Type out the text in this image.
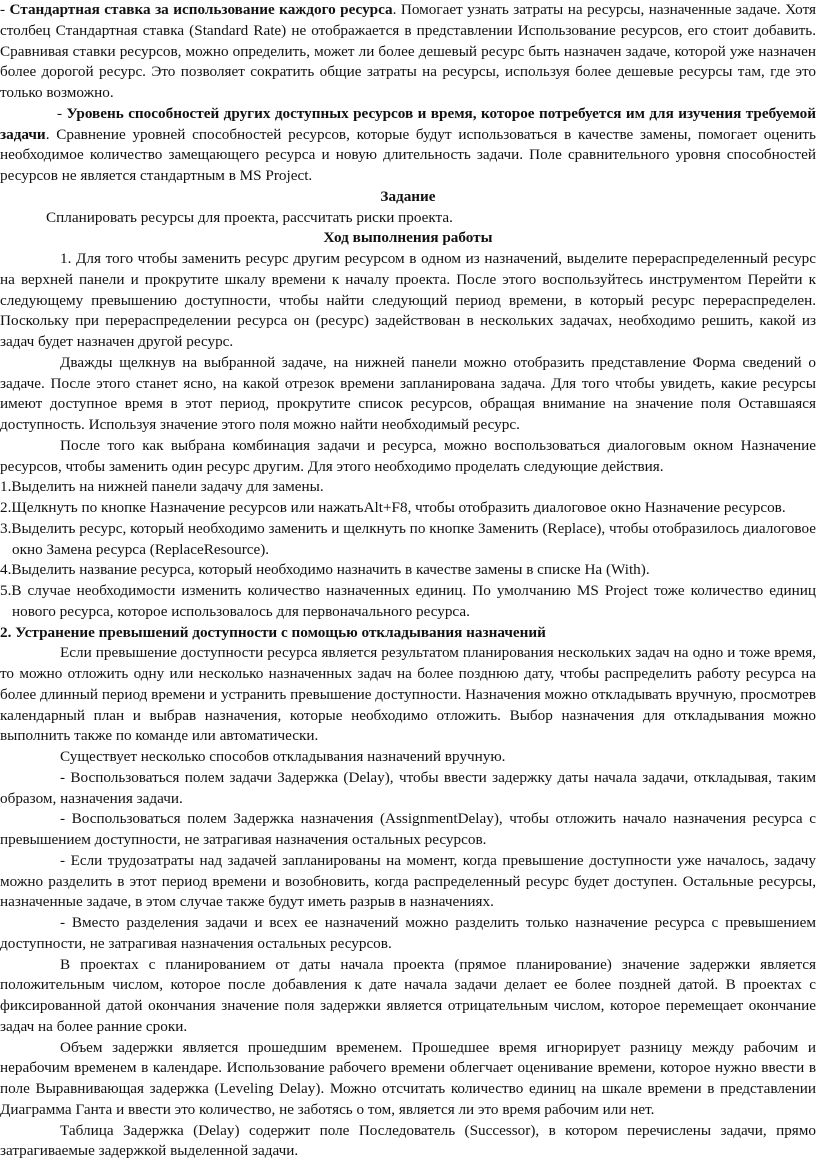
- Стандартная ставка за использование каждого ресурса. Помогает узнать затраты на ресурсы, назначенные задаче. Хотя столбец Стандартная ставка (Standard Rate) не отображается в представлении Использование ресурсов, его стоит добавить. Сравнивая ставки ресурсов, можно определить, может ли более дешевый ресурс быть назначен задаче, которой уже назначен более дорогой ресурс. Это позволяет сократить общие затраты на ресурсы, используя более дешевые ресурсы там, где это только возможно.

- Уровень способностей других доступных ресурсов и время, которое потребуется им для изучения требуемой задачи. Сравнение уровней способностей ресурсов, которые будут использоваться в качестве замены, помогает оценить необходимое количество замещающего ресурса и новую длительность задачи. Поле сравнительного уровня способностей ресурсов не является стандартным в MS Project.

Задание

Спланировать ресурсы для проекта, рассчитать риски проекта.

Ход выполнения работы

1. Для того чтобы заменить ресурс другим ресурсом в одном из назначений, выделите перераспределенный ресурс на верхней панели и прокрутите шкалу времени к началу проекта. После этого воспользуйтесь инструментом Перейти к следующему превышению доступности, чтобы найти следующий период времени, в который ресурс перераспределен. Поскольку при перераспределении ресурса он (ресурс) задействован в нескольких задачах, необходимо решить, какой из задач будет назначен другой ресурс.

Дважды щелкнув на выбранной задаче, на нижней панели можно отобразить представление Форма сведений о задаче. После этого станет ясно, на какой отрезок времени запланирована задача. Для того чтобы увидеть, какие ресурсы имеют доступное время в этот период, прокрутите список ресурсов, обращая внимание на значение поля Оставшаяся доступность. Используя значение этого поля можно найти необходимый ресурс.

После того как выбрана комбинация задачи и ресурса, можно воспользоваться диалоговым окном Назначение ресурсов, чтобы заменить один ресурс другим. Для этого необходимо проделать следующие действия.

1.Выделить на нижней панели задачу для замены.

2.Щелкнуть по кнопке Назначение ресурсов или нажатьAlt+F8, чтобы отобразить диалоговое окно Назначение ресурсов.

3.Выделить ресурс, который необходимо заменить и щелкнуть по кнопке Заменить (Replace), чтобы отобразилось диалоговое окно Замена ресурса (ReplaceResource).

4.Выделить название ресурса, который необходимо назначить в качестве замены в списке На (With).

5.В случае необходимости изменить количество назначенных единиц. По умолчанию MS Project тоже количество единиц нового ресурса, которое использовалось для первоначального ресурса.

2. Устранение превышений доступности с помощью откладывания назначений

Если превышение доступности ресурса является результатом планирования нескольких задач на одно и тоже время, то можно отложить одну или несколько назначенных задач на более позднюю дату, чтобы распределить работу ресурса на более длинный период времени и устранить превышение доступности. Назначения можно откладывать вручную, просмотрев календарный план и выбрав назначения, которые необходимо отложить. Выбор назначения для откладывания можно выполнить также по команде или автоматически.

Существует несколько способов откладывания назначений вручную.

- Воспользоваться полем задачи Задержка (Delay), чтобы ввести задержку даты начала задачи, откладывая, таким образом, назначения задачи.

- Воспользоваться полем Задержка назначения (AssignmentDelay), чтобы отложить начало назначения ресурса с превышением доступности, не затрагивая назначения остальных ресурсов.

- Если трудозатраты над задачей запланированы на момент, когда превышение доступности уже началось, задачу можно разделить в этот период времени и возобновить, когда распределенный ресурс будет доступен. Остальные ресурсы, назначенные задаче, в этом случае также будут иметь разрыв в назначениях.

- Вместо разделения задачи и всех ее назначений можно разделить только назначение ресурса с превышением доступности, не затрагивая назначения остальных ресурсов.

В проектах с планированием от даты начала проекта (прямое планирование) значение задержки является положительным числом, которое после добавления к дате начала задачи делает ее более поздней датой. В проектах с фиксированной датой окончания значение поля задержки является отрицательным числом, которое перемещает окончание задач на более ранние сроки.

Объем задержки является прошедшим временем. Прошедшее время игнорирует разницу между рабочим и нерабочим временем в календаре. Использование рабочего времени облегчает оценивание времени, которое нужно ввести в поле Выравнивающая задержка (Leveling Delay). Можно отсчитать количество единиц на шкале времени в представлении Диаграмма Ганта и ввести это количество, не заботясь о том, является ли это время рабочим или нет.

Таблица Задержка (Delay) содержит поле Последователь (Successor), в котором перечислены задачи, прямо затрагиваемые задержкой выделенной задачи.
